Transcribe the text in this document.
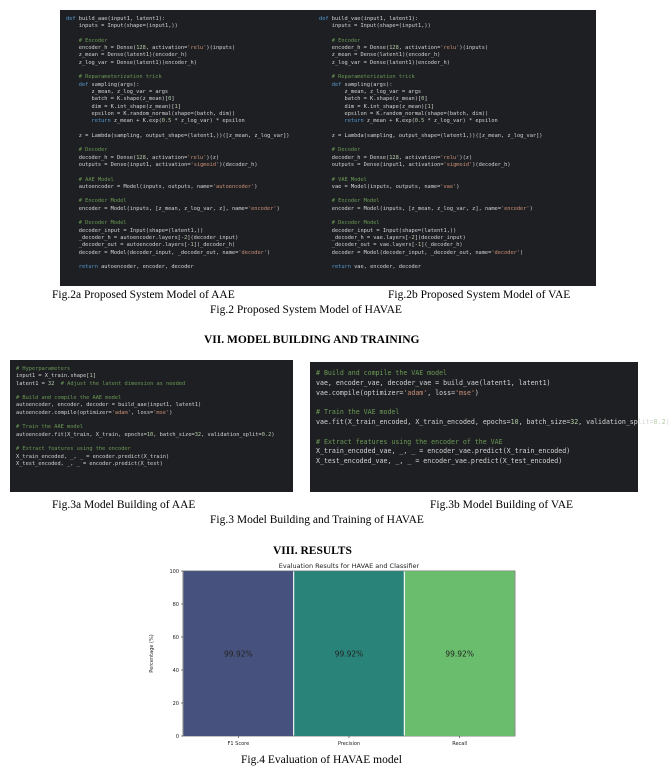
def build_aae(input1, latent1):
inputs = Input(shape=(input1,))
# Encoder
encoder_h = Dense(128, activation='relu')(inputs)
z_mean = Dense(latent1)(encoder_h)
z_log_var = Dense(latent1)(encoder_h)
# Reparameterization trick
def sampling(args):
z_mean, z_log_var = args
batch = K.shape(z_mean)[0]
dim = K.int_shape(z_mean)[1]
epsilon = K.random_normal(shape=(batch, dim))
return z_mean + K.exp(0.5 * z_log_var) * epsilon
z = Lambda(sampling, output_shape=(latent1,))([z_mean, z_log_var])
# Decoder
decoder_h = Dense(128, activation='relu')(z)
outputs = Dense(input1, activation='sigmoid')(decoder_h)
# AAE Model
autoencoder = Model(inputs, outputs, name='autoencoder')
# Encoder Model
encoder = Model(inputs, [z_mean, z_log_var, z], name='encoder')
# Decoder Model
decoder_input = Input(shape=(latent1,))
_decoder_h = autoencoder.layers[-2](decoder_input)
_decoder_out = autoencoder.layers[-1](_decoder_h)
decoder = Model(decoder_input, _decoder_out, name='decoder')
return autoencoder, encoder, decoder
def build_vae(input1, latent1):
inputs = Input(shape=(input1,))
# Encoder
encoder_h = Dense(128, activation='relu')(inputs)
z_mean = Dense(latent1)(encoder_h)
z_log_var = Dense(latent1)(encoder_h)
# Reparameterization trick
def sampling(args):
z_mean, z_log_var = args
batch = K.shape(z_mean)[0]
dim = K.int_shape(z_mean)[1]
epsilon = K.random_normal(shape=(batch, dim))
return z_mean + K.exp(0.5 * z_log_var) * epsilon
z = Lambda(sampling, output_shape=(latent1,))([z_mean, z_log_var])
# Decoder
decoder_h = Dense(128, activation='relu')(z)
outputs = Dense(input1, activation='sigmoid')(decoder_h)
# VAE Model
vae = Model(inputs, outputs, name='vae')
# Encoder Model
encoder = Model(inputs, [z_mean, z_log_var, z], name='encoder')
# Decoder Model
decoder_input = Input(shape=(latent1,))
_decoder_h = vae.layers[-2](decoder_input)
_decoder_out = vae.layers[-1](_decoder_h)
decoder = Model(decoder_input, _decoder_out, name='decoder')
return vae, encoder, decoder
Fig.2a Proposed System Model of AAE	Fig.2b Proposed System Model of VAE
Fig.2 Proposed System Model of HAVAE
VII. MODEL BUILDING AND TRAINING
# Hyperparameters
input1 = X_train.shape[1]
latent1 = 32 # Adjust the latent dimension as needed
# Build and compile the AAE model
autoencoder, encoder, decoder = build_aae(input1, latent1)
autoencoder.compile(optimizer='adam', loss='mse')
# Train the AAE model
autoencoder.fit(X_train, X_train, epochs=10, batch_size=32, validation_split=0.2)
# Extract features using the encoder
X_train_encoded, _, _ = encoder.predict(X_train)
X_test_encoded, _, _ = encoder.predict(X_test)
# Build and compile the VAE model
vae, encoder_vae, decoder_vae = build_vae(latent1, latent1)
vae.compile(optimizer='adam', loss='mse')
# Train the VAE model
vae.fit(X_train_encoded, X_train_encoded, epochs=10, batch_size=32, validation_split=0.2)
# Extract features using the encoder of the VAE
X_train_encoded_vae, _, _ = encoder_vae.predict(X_train_encoded)
X_test_encoded_vae, _, _ = encoder_vae.predict(X_test_encoded)
Fig.3a Model Building of AAE	Fig.3b Model Building of VAE
Fig.3 Model Building and Training of HAVAE
VIII. RESULTS
Evaluation Results for HAVAE and Classifier
99.92%
F1 Score
99.92%
Precision
99.92%
Recall
0
20
40
60
80
100
Percentage (%)
Fig.4 Evaluation of HAVAE model
